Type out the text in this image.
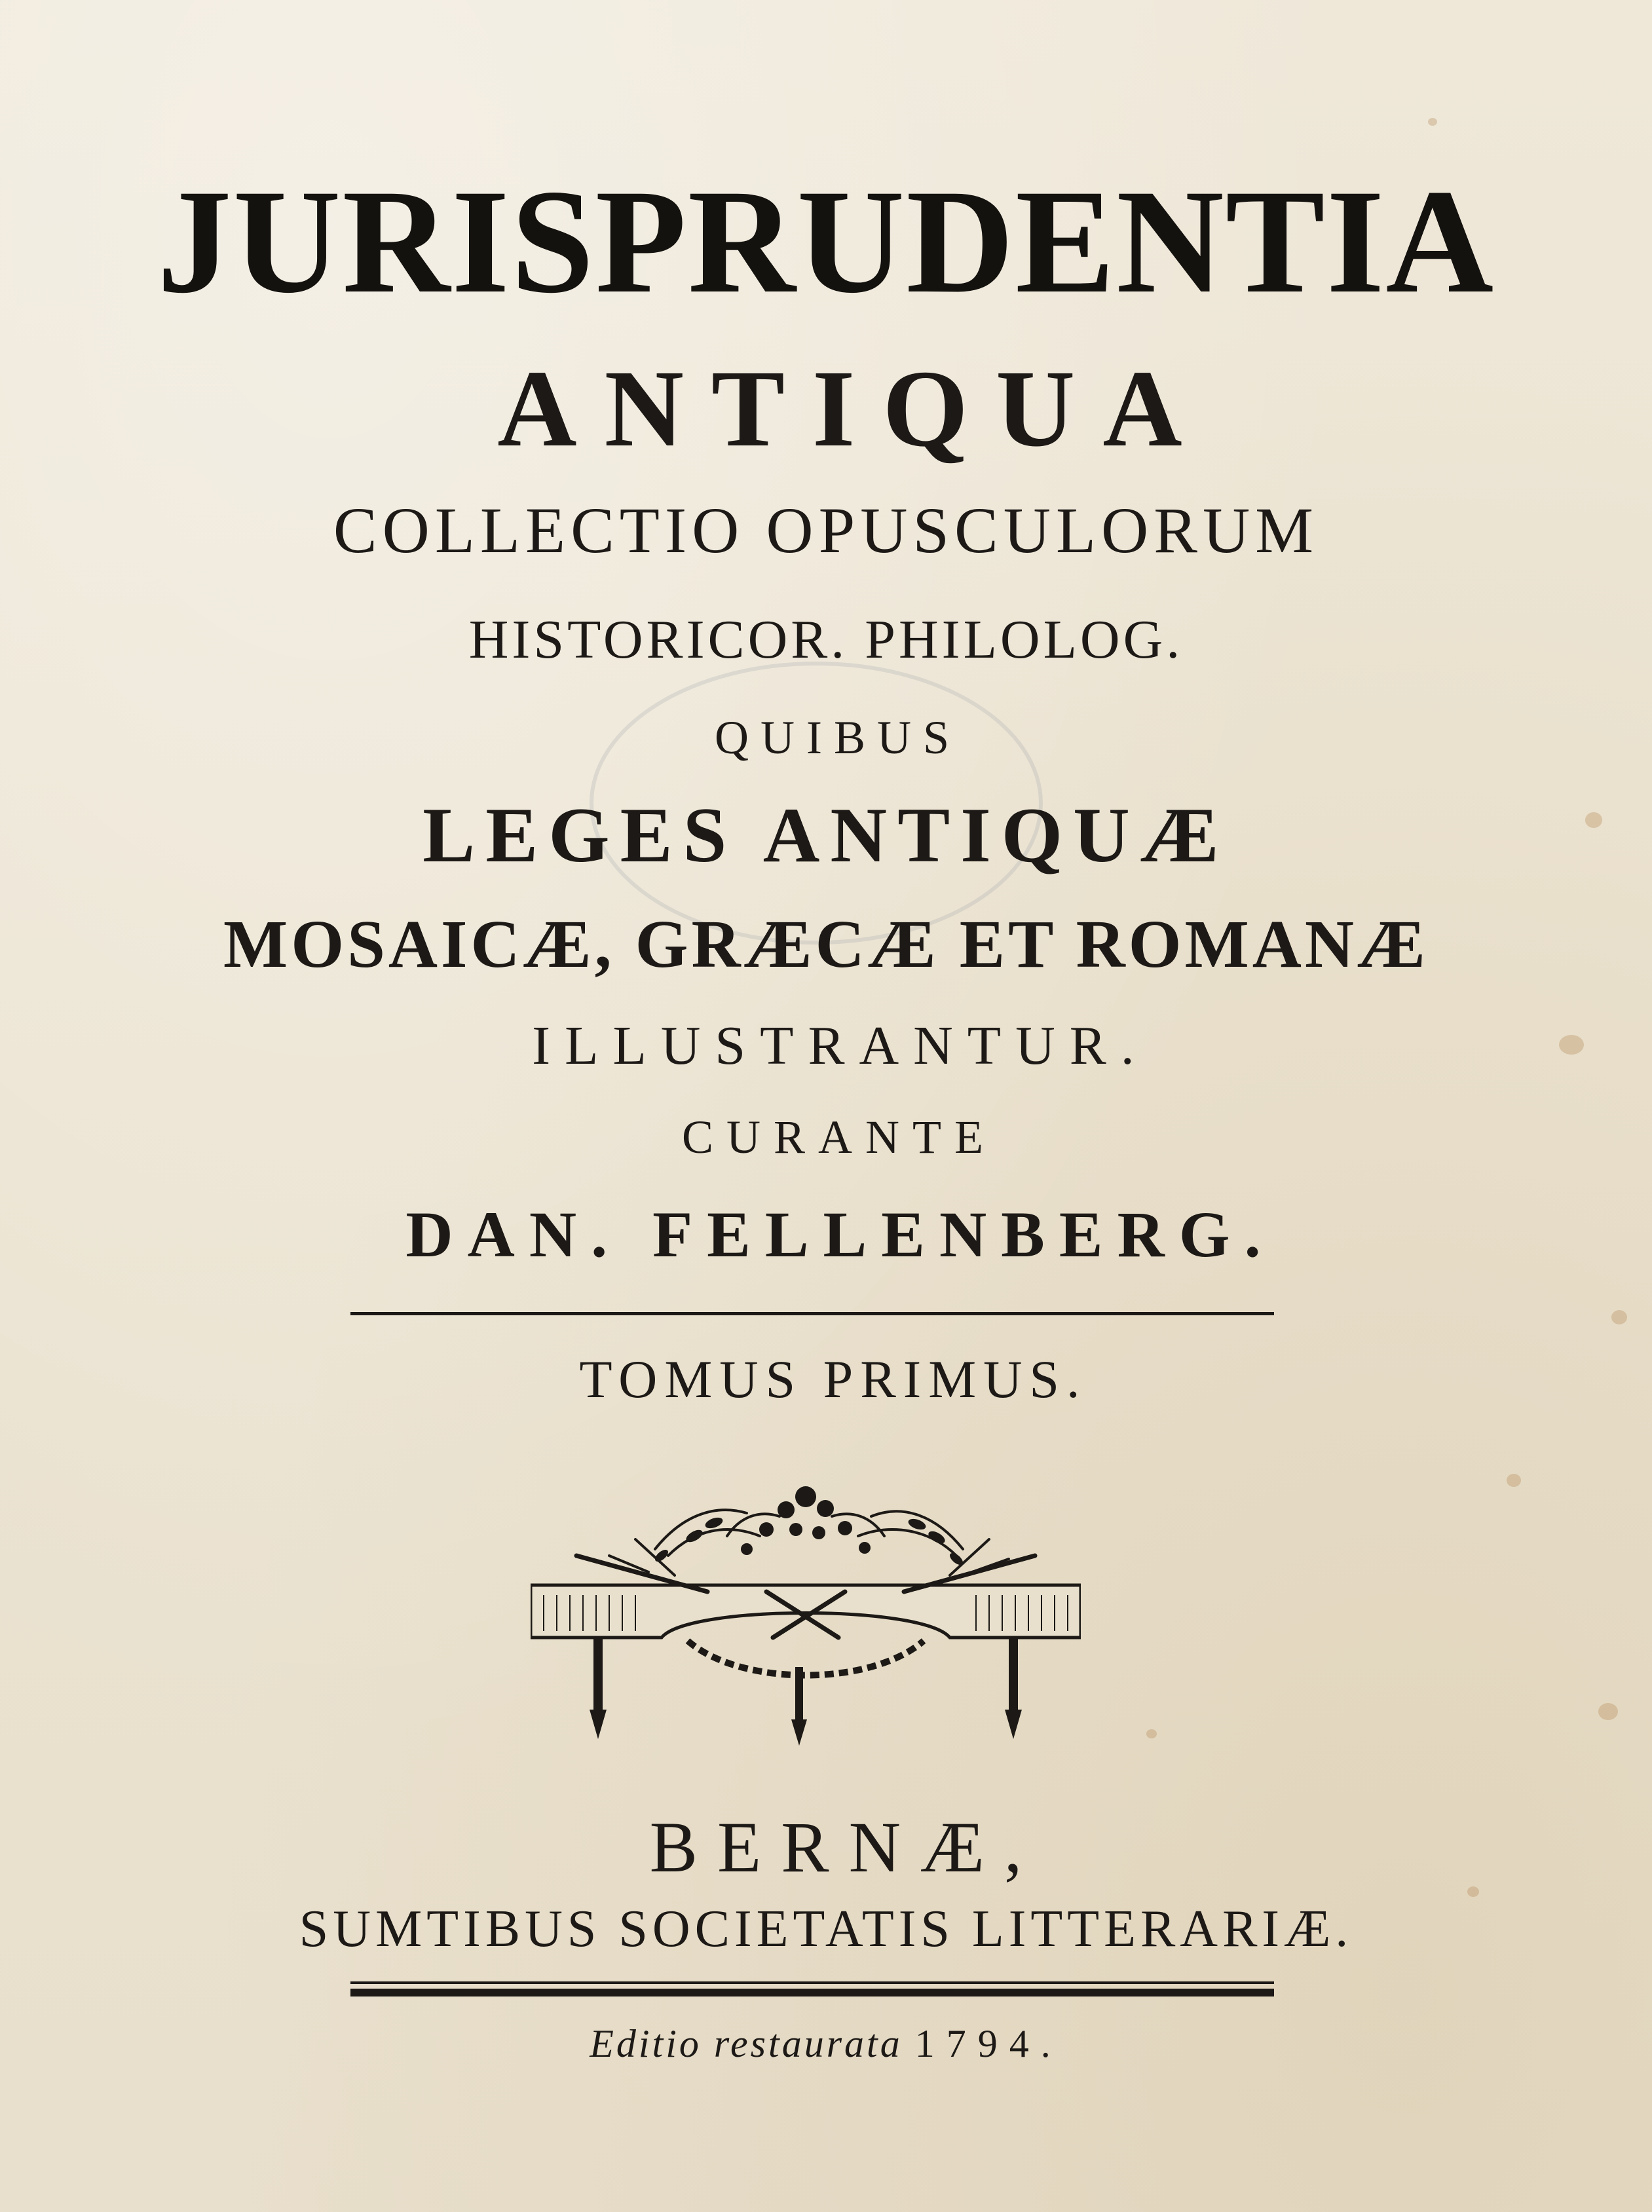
JURISPRUDENTIA
ANTIQUA
COLLECTIO OPUSCULORUM
HISTORICOR. PHILOLOG.
QUIBUS
LEGES ANTIQUÆ
MOSAICÆ, GRÆCÆ ET ROMANÆ
ILLUSTRANTUR.
CURANTE
DAN. FELLENBERG.
TOMUS PRIMUS.
BERNÆ,
SUMTIBUS SOCIETATIS LITTERARIÆ.
Editio restaurata 1794.
